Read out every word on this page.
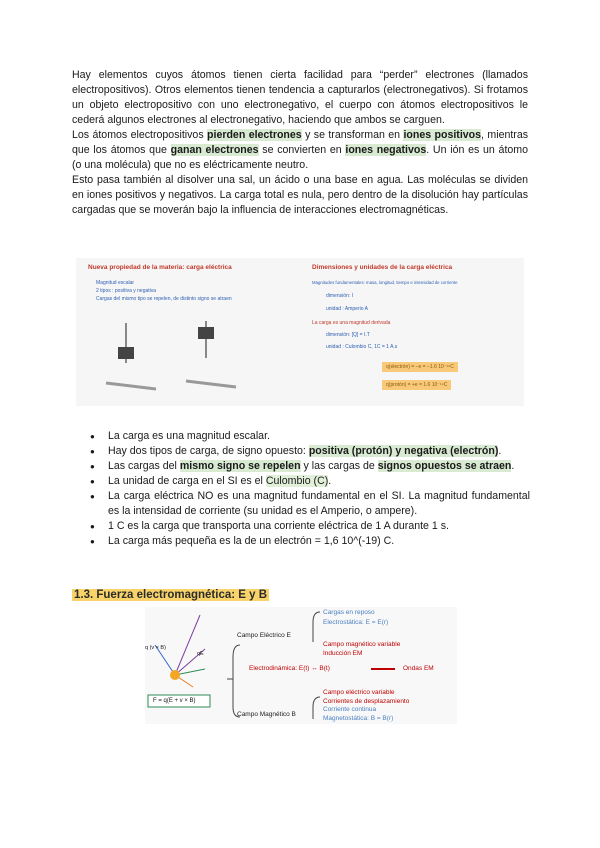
Hay elementos cuyos átomos tienen cierta facilidad para “perder” electrones (llamados electropositivos). Otros elementos tienen tendencia a capturarlos (electronegativos). Si frotamos un objeto electropositivo con uno electronegativo, el cuerpo con átomos electropositivos le cederá algunos electrones al electronegativo, haciendo que ambos se carguen.

Los átomos electropositivos pierden electrones y se transforman en iones positivos, mientras que los átomos que ganan electrones se convierten en iones negativos. Un ión es un átomo (o una molécula) que no es eléctricamente neutro.

Esto pasa también al disolver una sal, un ácido o una base en agua. Las moléculas se dividen en iones positivos y negativos. La carga total es nula, pero dentro de la disolución hay partículas cargadas que se moverán bajo la influencia de interacciones electromagnéticas.

Nueva propiedad de la materia: carga eléctrica
Magnitud escalar
2 tipos : positiva y negativa
Cargas del mismo tipo se repelen, de distinto signo se atraen
Dimensiones y unidades de la carga eléctrica
Magnitudes fundamentales: masa, longitud, tiempo e intensidad de corriente
dimensión: I
unidad : Amperio A
La carga es una magnitud derivada
dimensión: [Q] = I.T
unidad : Culombio C, 1C = 1 A.s
q(electrón) = −e = −1.6 10⁻¹⁹C
q(protón) = +e = 1.6 10⁻¹⁹C
● La carga es una magnitud escalar.
● Hay dos tipos de carga, de signo opuesto: positiva (protón) y negativa (electrón).
● Las cargas del mismo signo se repelen y las cargas de signos opuestos se atraen.
● La unidad de carga en el SI es el Culombio (C).
● La carga eléctrica NO es una magnitud fundamental en el SI. La magnitud fundamental es la intensidad de corriente (su unidad es el Amperio, o ampere).
● 1 C es la carga que transporta una corriente eléctrica de 1 A durante 1 s.
● La carga más pequeña es la de un electrón = 1,6 10^(-19) C.
1.3. Fuerza electromagnética: E y B
q (v × B)
qE
F = q(E + v × B)
Campo Eléctrico E
Campo Magnético B
Cargas en reposo
Electrostática: E = E(r)
Campo magnético variable
Inducción EM
Electrodinámica: E(t) ↔ B(t)	Ondas EM
Campo eléctrico variable
Corrientes de desplazamiento
Corriente continua
Magnetostática: B = B(r)
